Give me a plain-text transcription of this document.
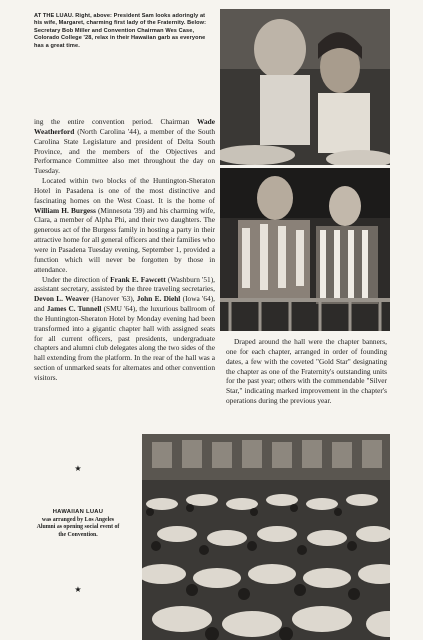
AT THE LUAU. Right, above: President Sam looks adoringly at his wife, Margaret, charming first lady of the Fraternity. Below: Secretary Bob Miller and Convention Chairman Wes Case, Colorado College '28, relax in their Hawaiian garb as everyone has a great time.

ing the entire convention period. Chairman Wade Weatherford (North Carolina '44), a member of the South Carolina State Legislature and president of Delta South Province, and the members of the Objectives and Performance Committee also met throughout the day on Tuesday.

Located within two blocks of the Huntington-Sheraton Hotel in Pasadena is one of the most distinctive and fascinating homes on the West Coast. It is the home of William H. Burgess (Minnesota '39) and his charming wife, Clara, a member of Alpha Phi, and their two daughters. The generous act of the Burgess family in hosting a party in their attractive home for all general officers and their families who were in Pasadena Tuesday evening, September 1, provided a function which will never be forgotten by those in attendance.

Under the direction of Frank E. Fawcett (Washburn '51), assistant secretary, assisted by the three traveling secretaries, Devon L. Weaver (Hanover '63), John E. Diehl (Iowa '64), and James C. Tunnell (SMU '64), the luxurious ballroom of the Huntington-Sheraton Hotel by Monday evening had been transformed into a gigantic chapter hall with assigned seats for all current officers, past presidents, undergraduate chapters and alumni club delegates along the two sides of the hall extending from the platform. In the rear of the hall was a section of unmarked seats for alternates and other convention visitors.

Draped around the hall were the chapter banners, one for each chapter, arranged in order of founding dates, a few with the coveted "Gold Star" designating the chapter as one of the Fraternity's outstanding units for the past year; others with the commendable "Silver Star," indicating marked improvement in the chapter's operations during the previous year.

★
HAWAIIAN LUAU
was arranged by Los Angeles Alumni as opening social event of the Convention.
★
